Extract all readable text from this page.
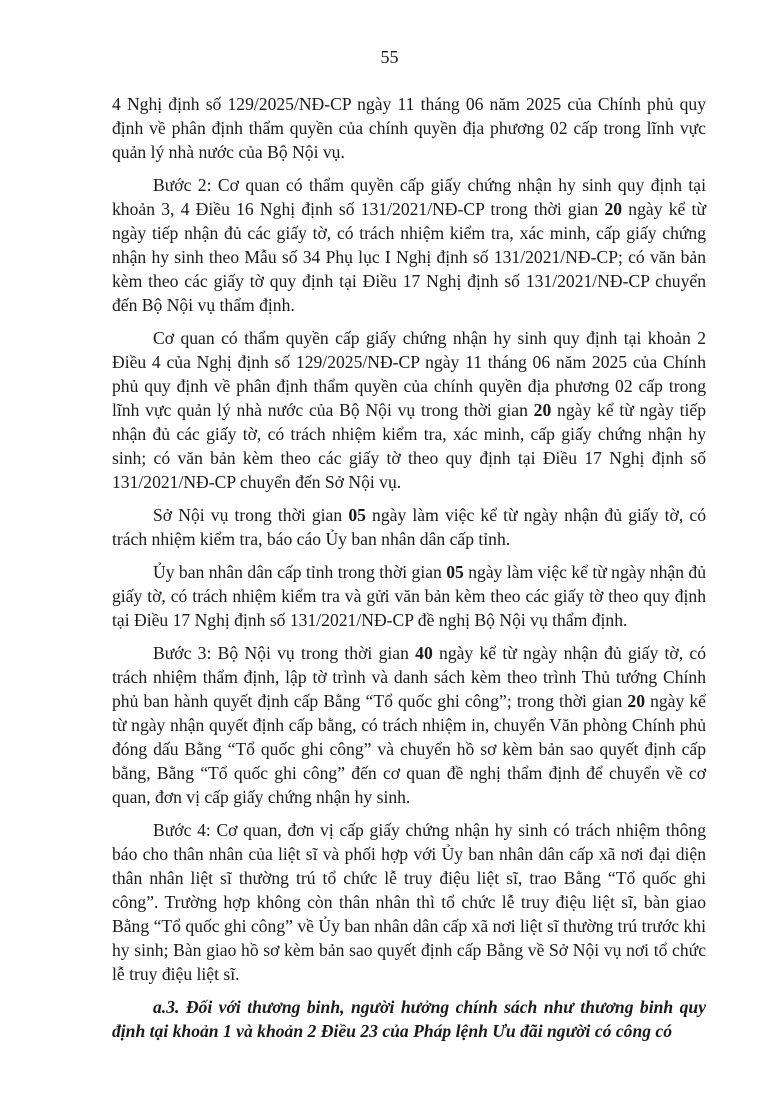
55

4 Nghị định số 129/2025/NĐ-CP ngày 11 tháng 06 năm 2025 của Chính phủ quy định về phân định thẩm quyền của chính quyền địa phương 02 cấp trong lĩnh vực quản lý nhà nước của Bộ Nội vụ.

Bước 2: Cơ quan có thẩm quyền cấp giấy chứng nhận hy sinh quy định tại khoản 3, 4 Điều 16 Nghị định số 131/2021/NĐ-CP trong thời gian 20 ngày kể từ ngày tiếp nhận đủ các giấy tờ, có trách nhiệm kiểm tra, xác minh, cấp giấy chứng nhận hy sinh theo Mẫu số 34 Phụ lục I Nghị định số 131/2021/NĐ-CP; có văn bản kèm theo các giấy tờ quy định tại Điều 17 Nghị định số 131/2021/NĐ-CP chuyển đến Bộ Nội vụ thẩm định.

Cơ quan có thẩm quyền cấp giấy chứng nhận hy sinh quy định tại khoản 2 Điều 4 của Nghị định số 129/2025/NĐ-CP ngày 11 tháng 06 năm 2025 của Chính phủ quy định về phân định thẩm quyền của chính quyền địa phương 02 cấp trong lĩnh vực quản lý nhà nước của Bộ Nội vụ trong thời gian 20 ngày kể từ ngày tiếp nhận đủ các giấy tờ, có trách nhiệm kiểm tra, xác minh, cấp giấy chứng nhận hy sinh; có văn bản kèm theo các giấy tờ theo quy định tại Điều 17 Nghị định số 131/2021/NĐ-CP chuyển đến Sở Nội vụ.

Sở Nội vụ trong thời gian 05 ngày làm việc kể từ ngày nhận đủ giấy tờ, có trách nhiệm kiểm tra, báo cáo Ủy ban nhân dân cấp tỉnh.

Ủy ban nhân dân cấp tỉnh trong thời gian 05 ngày làm việc kể từ ngày nhận đủ giấy tờ, có trách nhiệm kiểm tra và gửi văn bản kèm theo các giấy tờ theo quy định tại Điều 17 Nghị định số 131/2021/NĐ-CP đề nghị Bộ Nội vụ thẩm định.

Bước 3: Bộ Nội vụ trong thời gian 40 ngày kể từ ngày nhận đủ giấy tờ, có trách nhiệm thẩm định, lập tờ trình và danh sách kèm theo trình Thủ tướng Chính phủ ban hành quyết định cấp Bằng “Tổ quốc ghi công”; trong thời gian 20 ngày kể từ ngày nhận quyết định cấp bằng, có trách nhiệm in, chuyển Văn phòng Chính phủ đóng dấu Bằng “Tổ quốc ghi công” và chuyển hồ sơ kèm bản sao quyết định cấp bằng, Bằng “Tổ quốc ghi công” đến cơ quan đề nghị thẩm định để chuyển về cơ quan, đơn vị cấp giấy chứng nhận hy sinh.

Bước 4: Cơ quan, đơn vị cấp giấy chứng nhận hy sinh có trách nhiệm thông báo cho thân nhân của liệt sĩ và phối hợp với Ủy ban nhân dân cấp xã nơi đại diện thân nhân liệt sĩ thường trú tổ chức lễ truy điệu liệt sĩ, trao Bằng “Tổ quốc ghi công”. Trường hợp không còn thân nhân thì tổ chức lễ truy điệu liệt sĩ, bàn giao Bằng “Tổ quốc ghi công” về Ủy ban nhân dân cấp xã nơi liệt sĩ thường trú trước khi hy sinh; Bàn giao hồ sơ kèm bản sao quyết định cấp Bằng về Sở Nội vụ nơi tổ chức lễ truy điệu liệt sĩ.

a.3. Đối với thương binh, người hưởng chính sách như thương binh quy định tại khoản 1 và khoản 2 Điều 23 của Pháp lệnh Ưu đãi người có công có
